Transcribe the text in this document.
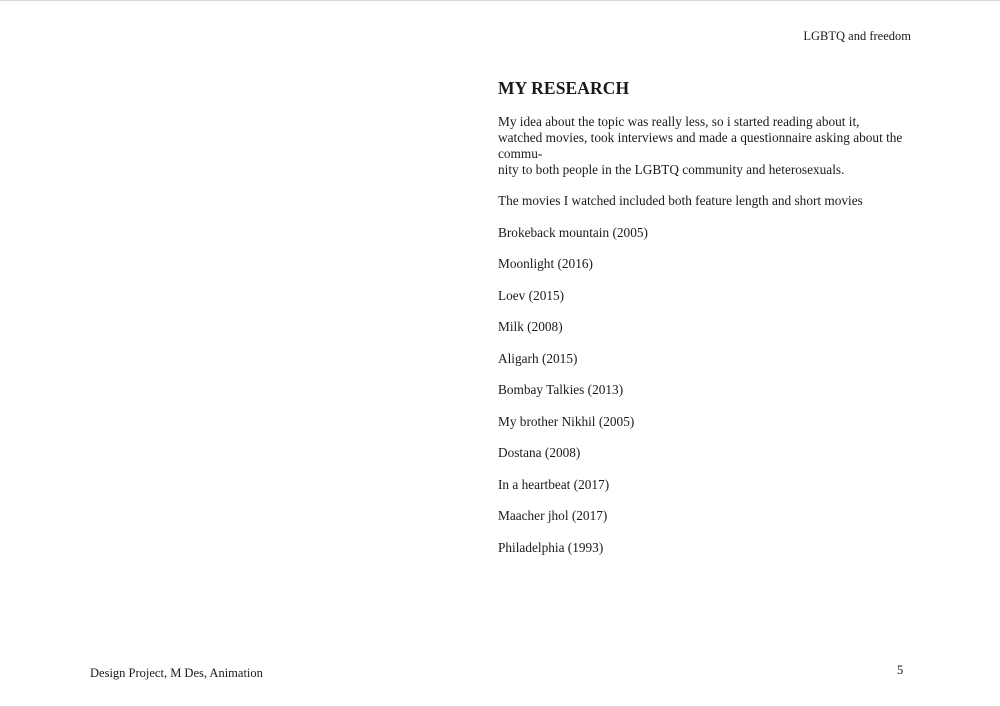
LGBTQ and freedom
MY RESEARCH

My idea about the topic was really less, so i started reading about it, watched movies, took interviews and made a questionnaire asking about the commu-
nity to both people in the LGBTQ community and heterosexuals.

The movies I watched included both feature length and short movies

Brokeback mountain (2005)
Moonlight (2016)
Loev (2015)
Milk (2008)
Aligarh (2015)
Bombay Talkies (2013)
My brother Nikhil (2005)
Dostana (2008)
In a heartbeat (2017)
Maacher jhol (2017)
Philadelphia (1993)
Design Project, M Des, Animation	5
